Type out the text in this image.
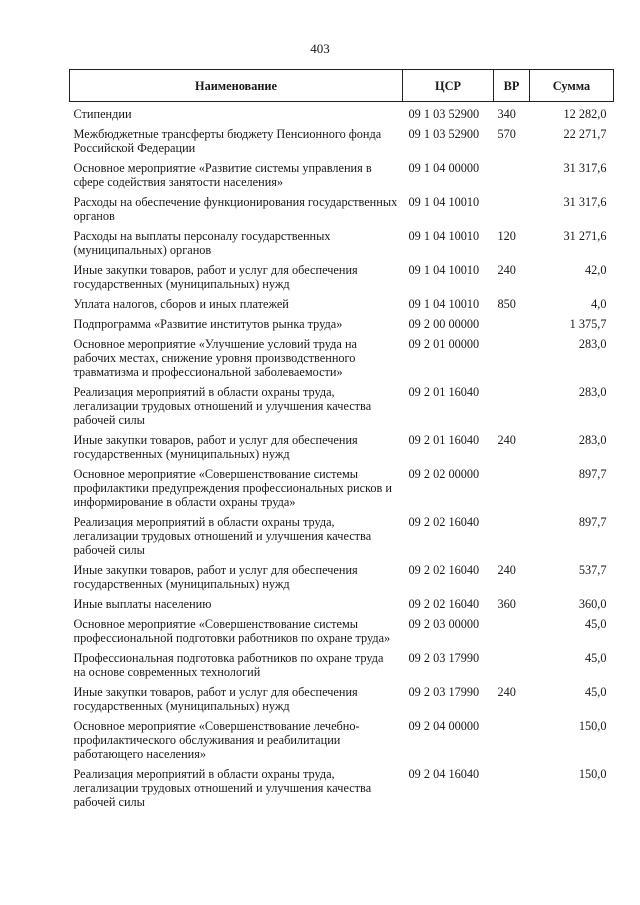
403
Наименование	ЦСР	ВР	Сумма
Стипендии	09 1 03 52900	340	12 282,0
Межбюджетные трансферты бюджету Пенсионного фонда Российской Федерации	09 1 03 52900	570	22 271,7
Основное мероприятие «Развитие системы управления в сфере содействия занятости населения»	09 1 04 00000		31 317,6
Расходы на обеспечение функционирования государственных органов	09 1 04 10010		31 317,6
Расходы на выплаты персоналу государственных (муниципальных) органов	09 1 04 10010	120	31 271,6
Иные закупки товаров, работ и услуг для обеспечения государственных (муниципальных) нужд	09 1 04 10010	240	42,0
Уплата налогов, сборов и иных платежей	09 1 04 10010	850	4,0
Подпрограмма «Развитие институтов рынка труда»	09 2 00 00000		1 375,7
Основное мероприятие «Улучшение условий труда на рабочих местах, снижение уровня производственного травматизма и профессиональной заболеваемости»	09 2 01 00000		283,0
Реализация мероприятий в области охраны труда, легализации трудовых отношений и улучшения качества рабочей силы	09 2 01 16040		283,0
Иные закупки товаров, работ и услуг для обеспечения государственных (муниципальных) нужд	09 2 01 16040	240	283,0
Основное мероприятие «Совершенствование системы профилактики предупреждения профессиональных рисков и информирование в области охраны труда»	09 2 02 00000		897,7
Реализация мероприятий в области охраны труда, легализации трудовых отношений и улучшения качества рабочей силы	09 2 02 16040		897,7
Иные закупки товаров, работ и услуг для обеспечения государственных (муниципальных) нужд	09 2 02 16040	240	537,7
Иные выплаты населению	09 2 02 16040	360	360,0
Основное мероприятие «Совершенствование системы профессиональной подготовки работников по охране труда»	09 2 03 00000		45,0
Профессиональная подготовка работников по охране труда на основе современных технологий	09 2 03 17990		45,0
Иные закупки товаров, работ и услуг для обеспечения государственных (муниципальных) нужд	09 2 03 17990	240	45,0
Основное мероприятие «Совершенствование лечебно-профилактического обслуживания и реабилитации работающего населения»	09 2 04 00000		150,0
Реализация мероприятий в области охраны труда, легализации трудовых отношений и улучшения качества рабочей силы	09 2 04 16040		150,0
